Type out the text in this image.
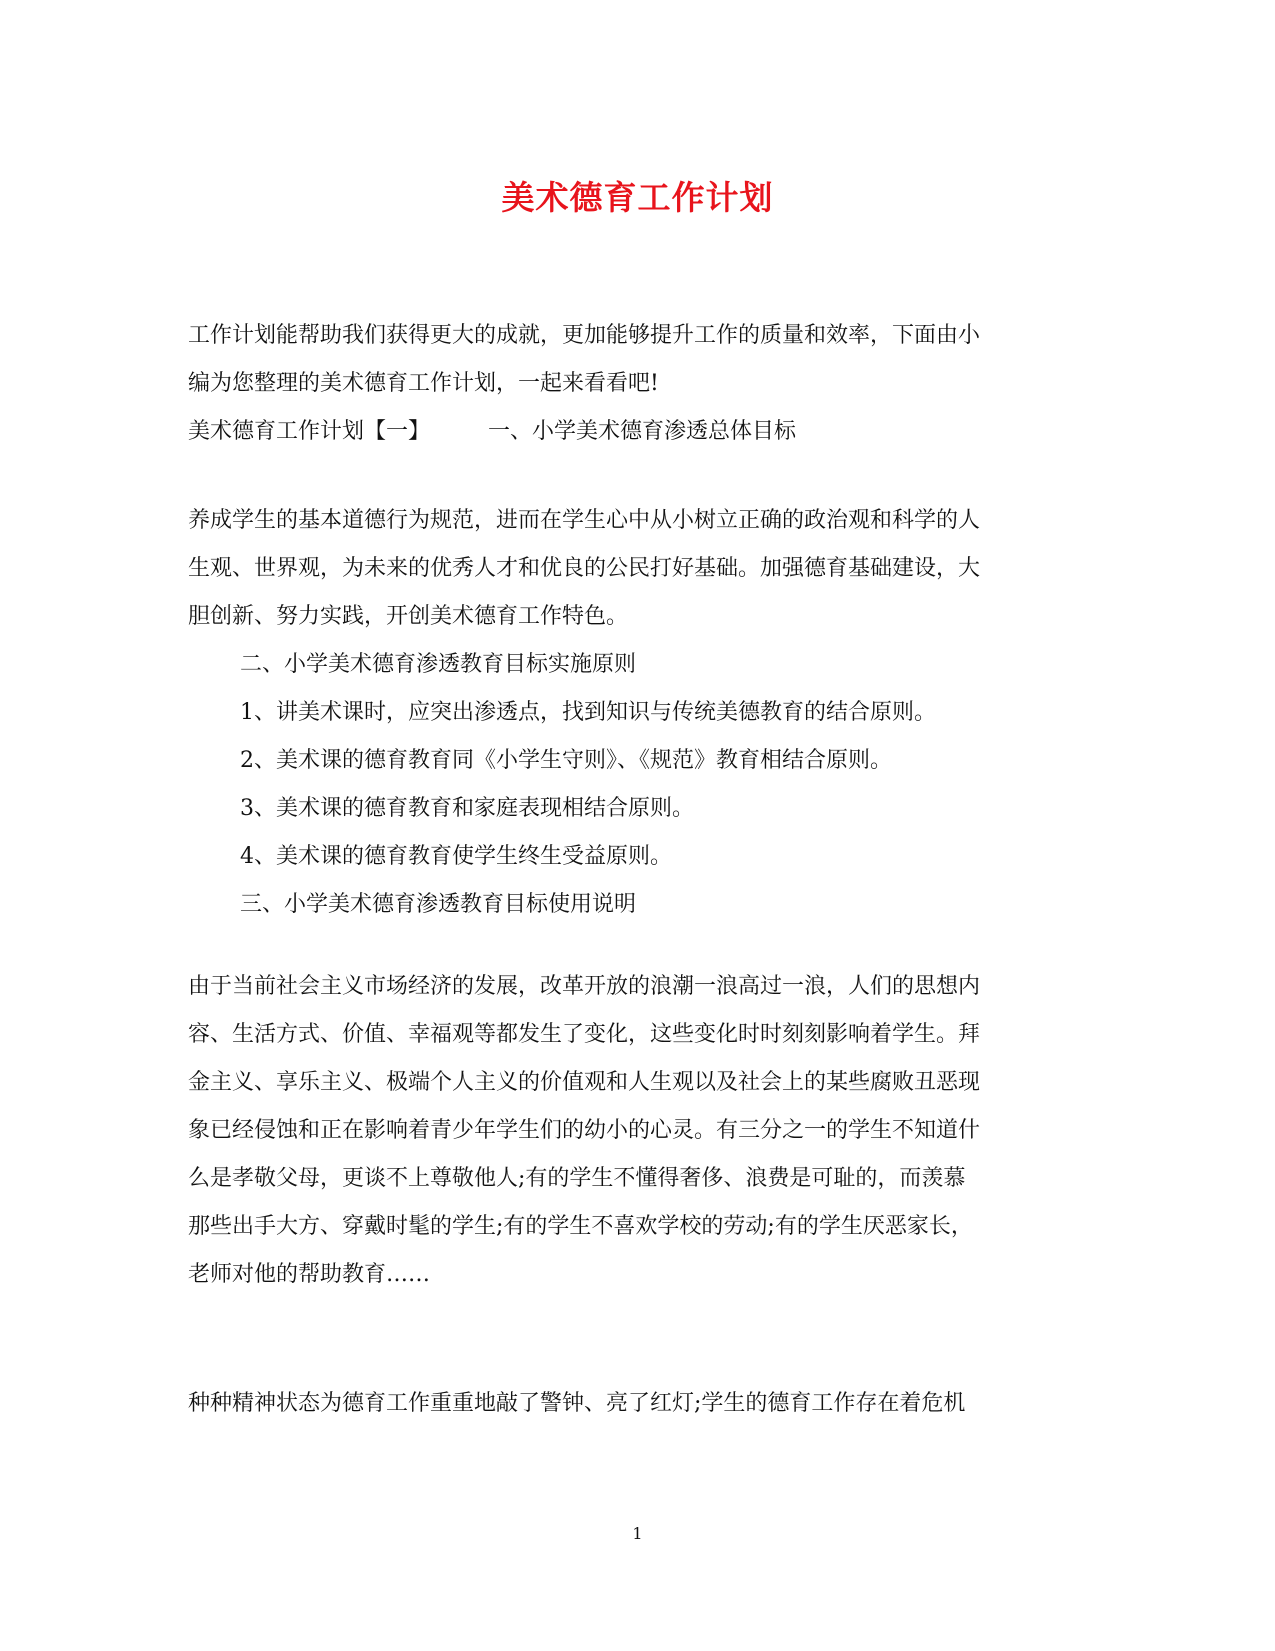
美术德育工作计划
工作计划能帮助我们获得更大的成就，更加能够提升工作的质量和效率，下面由小
编为您整理的美术德育工作计划，一起来看看吧!
美术德育工作计划【一】	一、小学美术德育渗透总体目标
养成学生的基本道德行为规范，进而在学生心中从小树立正确的政治观和科学的人
生观、世界观，为未来的优秀人才和优良的公民打好基础。加强德育基础建设，大
胆创新、努力实践，开创美术德育工作特色。
二、小学美术德育渗透教育目标实施原则
1、讲美术课时，应突出渗透点，找到知识与传统美德教育的结合原则。
2、美术课的德育教育同《小学生守则》、《规范》教育相结合原则。
3、美术课的德育教育和家庭表现相结合原则。
4、美术课的德育教育使学生终生受益原则。
三、小学美术德育渗透教育目标使用说明
由于当前社会主义市场经济的发展，改革开放的浪潮一浪高过一浪，人们的思想内
容、生活方式、价值、幸福观等都发生了变化，这些变化时时刻刻影响着学生。拜
金主义、享乐主义、极端个人主义的价值观和人生观以及社会上的某些腐败丑恶现
象已经侵蚀和正在影响着青少年学生们的幼小的心灵。有三分之一的学生不知道什
么是孝敬父母，更谈不上尊敬他人;有的学生不懂得奢侈、浪费是可耻的，而羡慕
那些出手大方、穿戴时髦的学生;有的学生不喜欢学校的劳动;有的学生厌恶家长，
老师对他的帮助教育……
种种精神状态为德育工作重重地敲了警钟、亮了红灯;学生的德育工作存在着危机
1
